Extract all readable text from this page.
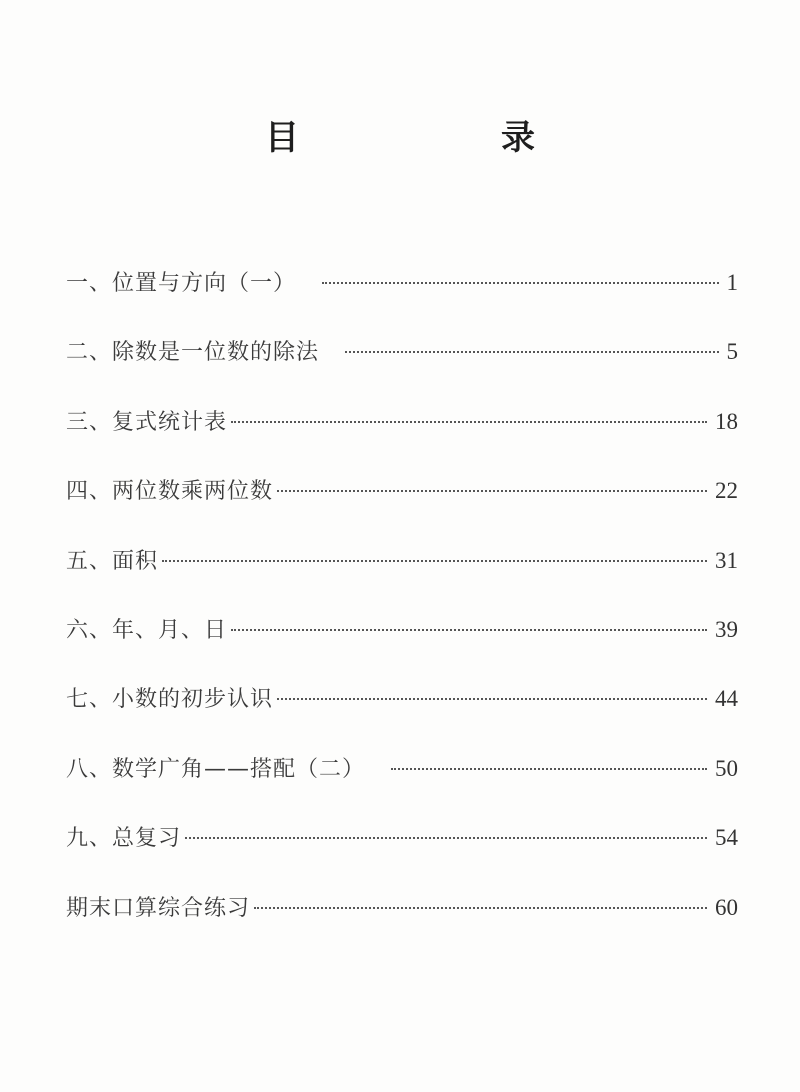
目　录
一、位置与方向（一）	1
二、除数是一位数的除法	5
三、复式统计表	18
四、两位数乘两位数	22
五、面积	31
六、年、月、日	39
七、小数的初步认识	44
八、数学广角——搭配（二）	50
九、总复习	54
期末口算综合练习	60
